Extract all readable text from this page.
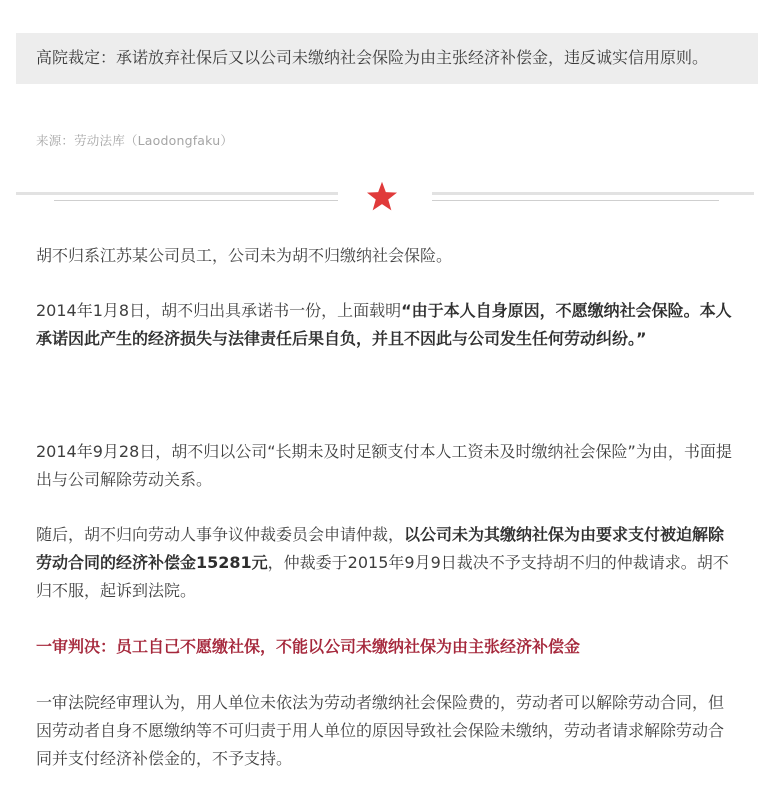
高院裁定：承诺放弃社保后又以公司未缴纳社会保险为由主张经济补偿金，违反诚实信用原则。
来源：劳动法库（Laodongfaku）
胡不归系江苏某公司员工，公司未为胡不归缴纳社会保险。
2014年1月8日，胡不归出具承诺书一份，上面载明“由于本人自身原因，不愿缴纳社会保险。本人承诺因此产生的经济损失与法律责任后果自负，并且不因此与公司发生任何劳动纠纷。”
2014年9月28日，胡不归以公司“长期未及时足额支付本人工资未及时缴纳社会保险”为由，书面提出与公司解除劳动关系。
随后，胡不归向劳动人事争议仲裁委员会申请仲裁，以公司未为其缴纳社保为由要求支付被迫解除劳动合同的经济补偿金15281元，仲裁委于2015年9月9日裁决不予支持胡不归的仲裁请求。胡不归不服，起诉到法院。
一审判决：员工自己不愿缴社保，不能以公司未缴纳社保为由主张经济补偿金
一审法院经审理认为，用人单位未依法为劳动者缴纳社会保险费的，劳动者可以解除劳动合同，但因劳动者自身不愿缴纳等不可归责于用人单位的原因导致社会保险未缴纳，劳动者请求解除劳动合同并支付经济补偿金的，不予支持。
